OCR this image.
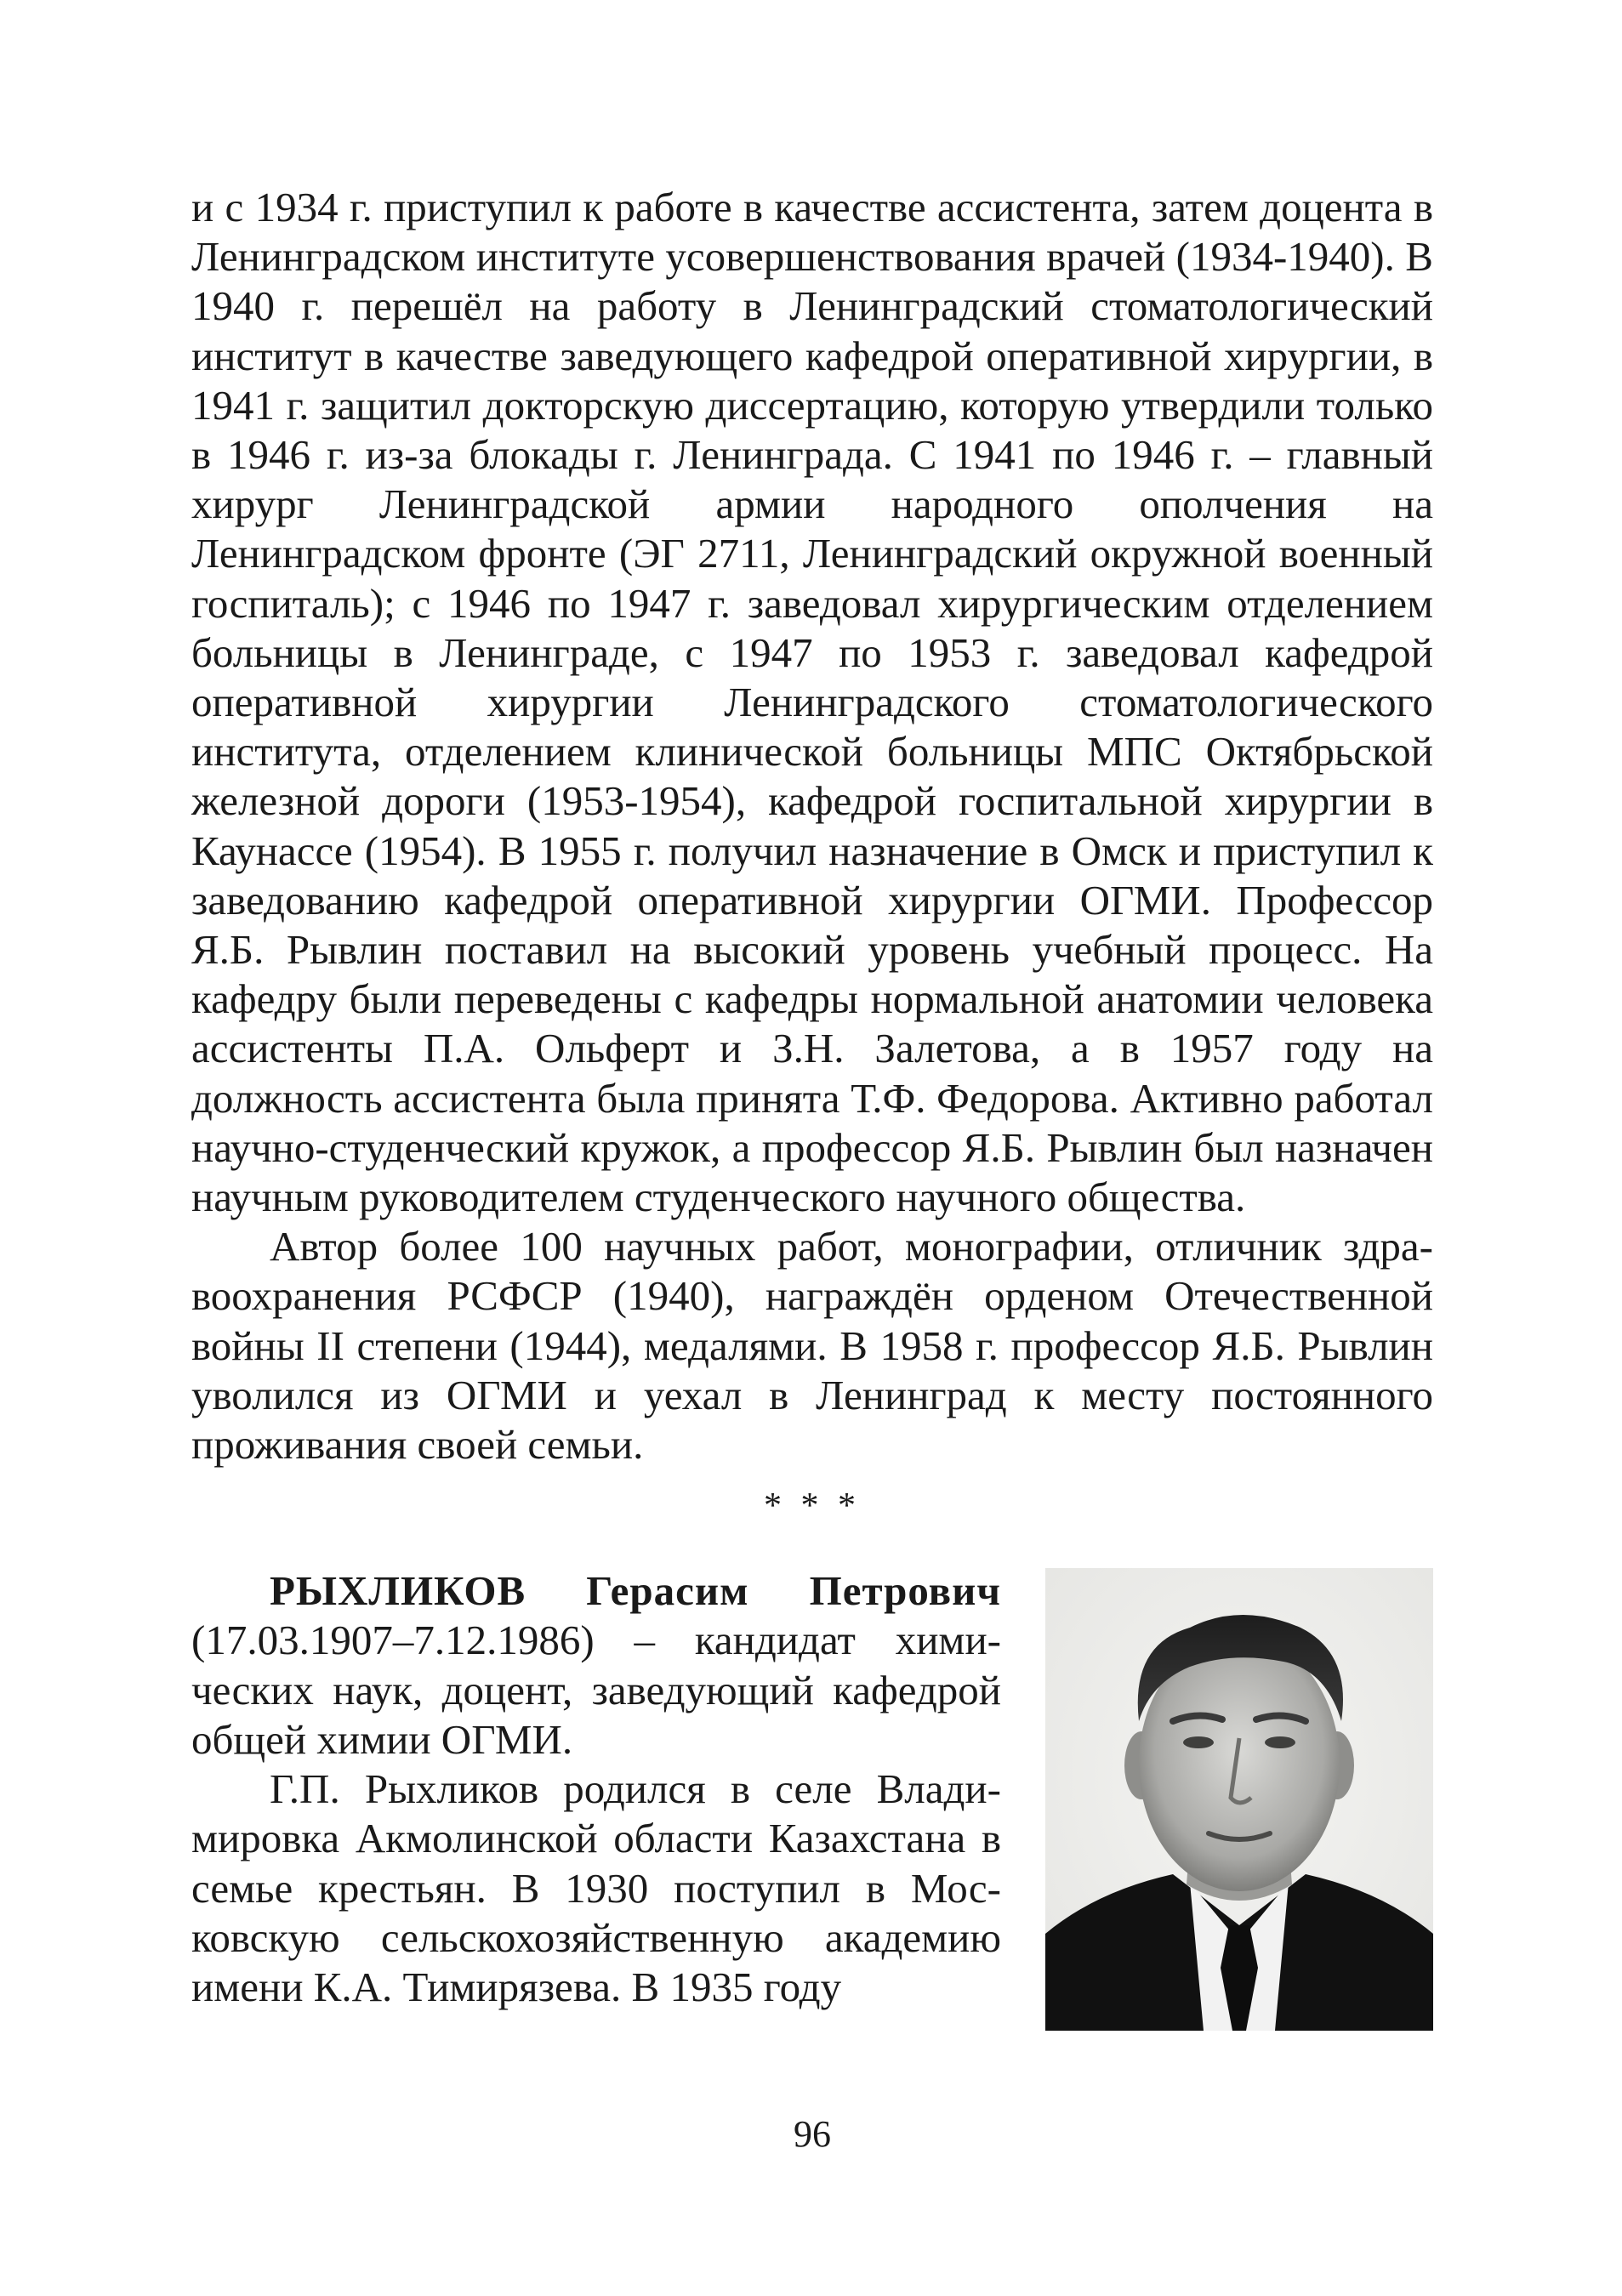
и с 1934 г. приступил к работе в качестве ассистента, затем доцента в Ленинградском институте усовершенствования врачей (1934-1940). В 1940 г. перешёл на работу в Ленинградский стоматологический институт в качестве заведующего кафедрой оперативной хирургии, в 1941 г. защитил докторскую диссертацию, которую утвердили только в 1946 г. из-за блокады г. Ленинграда. С 1941 по 1946 г. – главный хирург Ленинградской армии народного ополчения на Ленинградском фронте (ЭГ 2711, Ленинградский окружной военный госпиталь); с 1946 по 1947 г. заведовал хирургическим отделением больницы в Ленинграде, с 1947 по 1953 г. заведовал кафедрой оперативной хирургии Ленинградского стоматологического института, отделением клинической больницы МПС Октябрьской железной дороги (1953-1954), кафедрой госпитальной хирургии в Каунассе (1954). В 1955 г. получил назначение в Омск и приступил к заведованию кафедрой оперативной хирургии ОГМИ. Профессор Я.Б. Рывлин поставил на высокий уровень учебный процесс. На кафедру были переведены с кафедры нормальной анатомии человека ассистенты П.А. Ольферт и З.Н. Залетова, а в 1957 году на должность ассистента была принята Т.Ф. Федорова. Активно работал научно-студенческий кружок, а профессор Я.Б. Рывлин был назначен научным руководителем студенческого научного общества.

Автор более 100 научных работ, монографии, отличник здравоохранения РСФСР (1940), награждён орденом Отечественной войны II степени (1944), медалями. В 1958 г. профессор Я.Б. Рывлин уволился из ОГМИ и уехал в Ленинград к месту постоянного проживания своей семьи.

* * *

РЫХЛИКОВ Герасим Петрович (17.03.1907–7.12.1986) – кандидат химических наук, доцент, заведующий кафедрой общей химии ОГМИ.

Г.П. Рыхликов родился в селе Владимировка Акмолинской области Казахстана в семье крестьян. В 1930 поступил в Московскую сельскохозяйственную академию имени К.А. Тимирязева. В 1935 году

96
